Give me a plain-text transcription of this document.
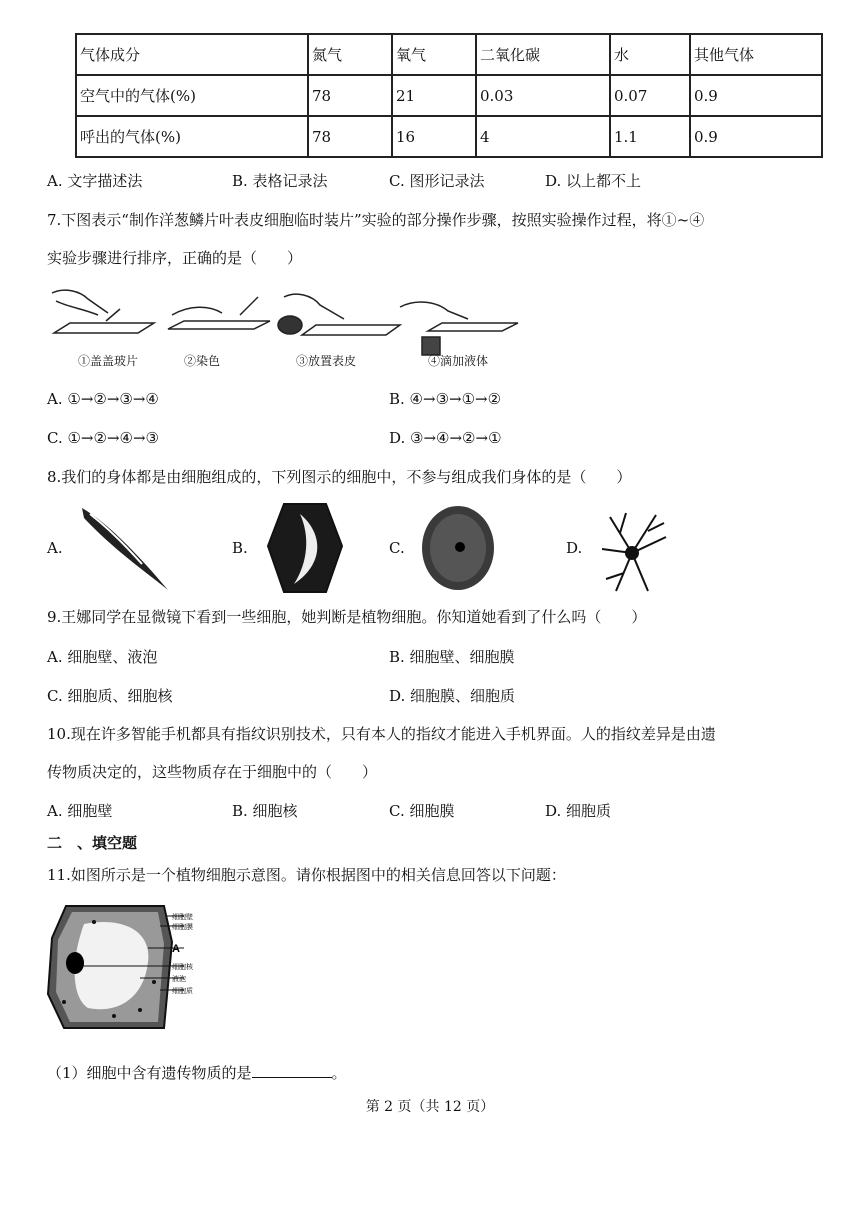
气体成分	氮气	氧气	二氧化碳	水	其他气体
空气中的气体(%)	78	21	0.03	0.07	0.9
呼出的气体(%)	78	16	4	1.1	0.9
A. 文字描述法	B. 表格记录法	C. 图形记录法	D. 以上都不上
7.下图表示“制作洋葱鳞片叶表皮细胞临时装片”实验的部分操作步骤，按照实验操作过程，将①~④
实验步骤进行排序，正确的是（　　）
①盖盖玻片	②染色	③放置表皮	④滴加液体
A. ①→②→③→④	B. ④→③→①→②
C. ①→②→④→③	D. ③→④→②→①
8.我们的身体都是由细胞组成的，下列图示的细胞中，不参与组成我们身体的是（　　）
A.	B.	C.	D.
9.王娜同学在显微镜下看到一些细胞，她判断是植物细胞。你知道她看到了什么吗（　　）
A. 细胞壁、液泡	B. 细胞壁、细胞膜
C. 细胞质、细胞核	D. 细胞膜、细胞质
10.现在许多智能手机都具有指纹识别技术，只有本人的指纹才能进入手机界面。人的指纹差异是由遗
传物质决定的，这些物质存在于细胞中的（　　）
A. 细胞壁	B. 细胞核	C. 细胞膜	D. 细胞质
二　、填空题
11.如图所示是一个植物细胞示意图。请你根据图中的相关信息回答以下问题：
细胞壁
细胞膜
A
细胞核
液泡
细胞质
（1）细胞中含有遗传物质的是	。
第 2 页（共 12 页）
